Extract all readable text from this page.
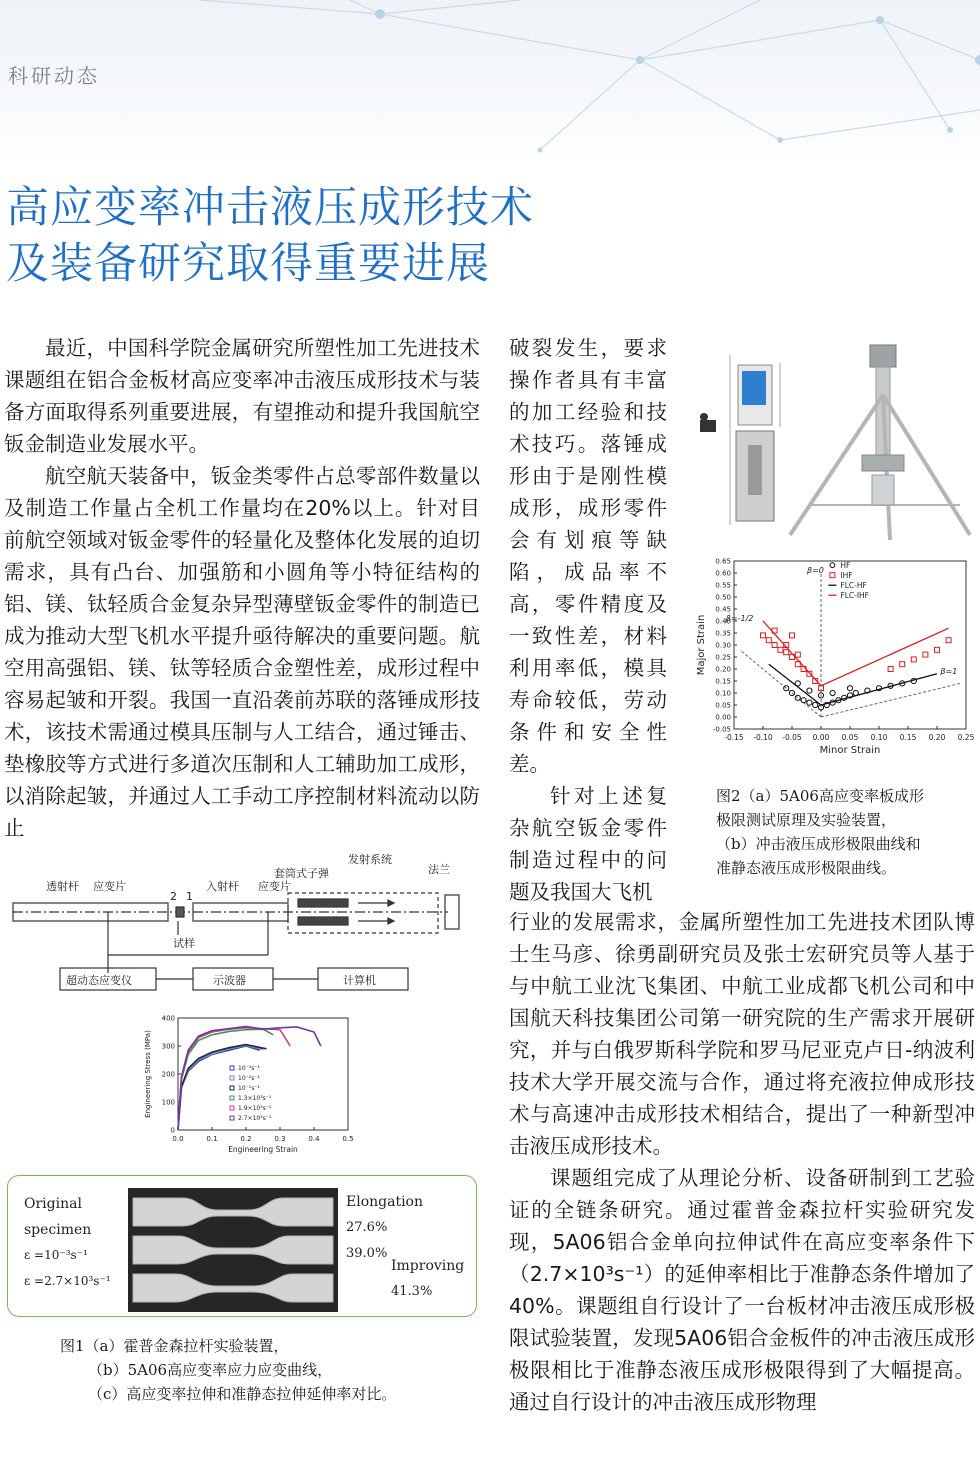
科研动态
高应变率冲击液压成形技术
及装备研究取得重要进展

最近，中国科学院金属研究所塑性加工先进技术课题组在铝合金板材高应变率冲击液压成形技术与装备方面取得系列重要进展，有望推动和提升我国航空钣金制造业发展水平。

航空航天装备中，钣金类零件占总零部件数量以及制造工作量占全机工作量均在20%以上。针对目前航空领域对钣金零件的轻量化及整体化发展的迫切需求，具有凸台、加强筋和小圆角等小特征结构的铝、镁、钛轻质合金复杂异型薄壁钣金零件的制造已成为推动大型飞机水平提升亟待解决的重要问题。航空用高强铝、镁、钛等轻质合金塑性差，成形过程中容易起皱和开裂。我国一直沿袭前苏联的落锤成形技术，该技术需通过模具压制与人工结合，通过锤击、垫橡胶等方式进行多道次压制和人工辅助加工成形，以消除起皱，并通过人工手动工序控制材料流动以防止

破裂发生，要求操作者具有丰富的加工经验和技术技巧。落锤成形由于是刚性模成形，成形零件会有划痕等缺陷，成品率不高，零件精度及一致性差，材料利用率低，模具寿命较低，劳动条件和安全性差。

针对上述复杂航空钣金零件制造过程中的问题及我国大飞机

行业的发展需求，金属所塑性加工先进技术团队博士生马彦、徐勇副研究员及张士宏研究员等人基于与中航工业沈飞集团、中航工业成都飞机公司和中国航天科技集团公司第一研究院的生产需求开展研究，并与白俄罗斯科学院和罗马尼亚克卢日-纳波利技术大学开展交流与合作，通过将充液拉伸成形技术与高速冲击成形技术相结合，提出了一种新型冲击液压成形技术。

课题组完成了从理论分析、设备研制到工艺验证的全链条研究。通过霍普金森拉杆实验研究发现，5A06铝合金单向拉伸试件在高应变率条件下（2.7×10³s⁻¹）的延伸率相比于准静态条件增加了40%。课题组自行设计了一台板材冲击液压成形极限试验装置，发现5A06铝合金板件的冲击液压成形极限相比于准静态液压成形极限得到了大幅提高。通过自行设计的冲击液压成形物理

-0.15 -0.10 -0.05 0.00 0.05 0.10 0.15 0.20 0.25
-0.05
0.00
0.05
0.10
0.15
0.20
0.25
0.30
0.35
0.40
0.45
0.50
0.55
0.60
0.65
Minor Strain
Major Strain
β=0
β=-1/2
β=1
HF
IHF
FLC-HF
FLC-IHF
图2（a）5A06高应变率板成形
极限测试原理及实验装置，
（b）冲击液压成形极限曲线和
准静态液压成形极限曲线。
透射杆 应变片
2 1
入射杆 应变片
套筒式子弹
发射系统
法兰
试样
超动态应变仪	示波器	计算机
0.0	0.1	0.2	0.3	0.4	0.5
0
100
200
300
400
Engineering Strain
Engineering Stress (MPa)	10⁻³s⁻¹
10⁻²s⁻¹
10⁻¹s⁻¹
1.3×10³s⁻¹
1.9×10³s⁻¹
2.7×10³s⁻¹
Original
specimen
ε =10⁻³s⁻¹
ε =2.7×10³s⁻¹
Elongation
27.6%
39.0%
Improving
41.3%
图1（a）霍普金森拉杆实验装置，
（b）5A06高应变率应力应变曲线，
（c）高应变率拉伸和准静态拉伸延伸率对比。
